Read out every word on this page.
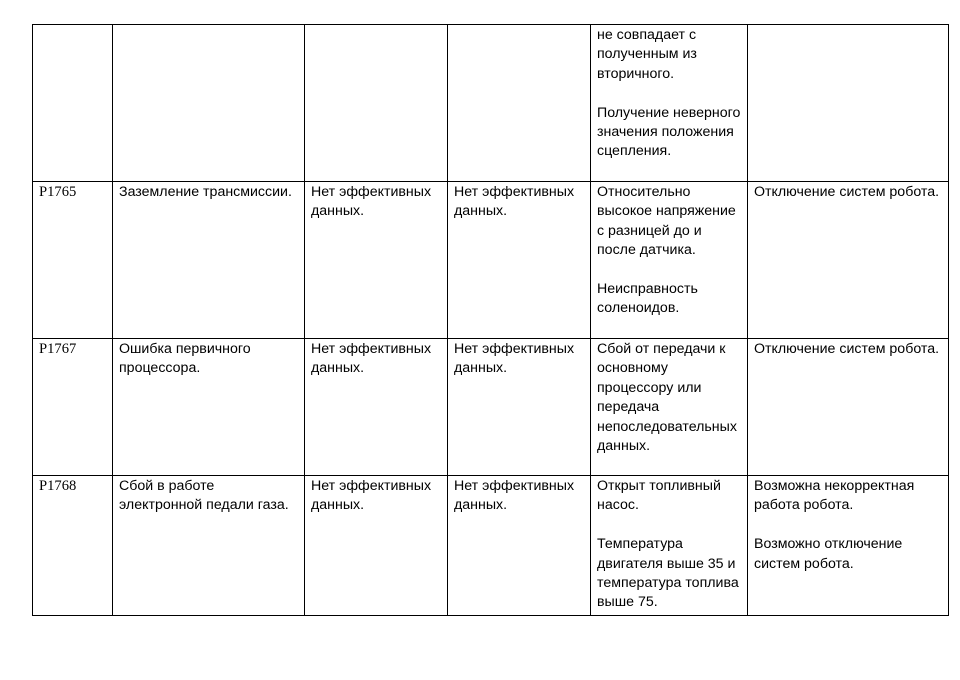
				не совпадает с полученным из вторичного.
Получение неверного значения положения сцепления.	

P1765	Заземление трансмиссии.	Нет эффективных данных.	Нет эффективных данных.	Относительно высокое напряжение с разницей до и после датчика.
Неисправность соленоидов.	Отключение систем робота.

P1767	Ошибка первичного процессора.	Нет эффективных данных.	Нет эффективных данных.	Сбой от передачи к основному процессору или передача непоследовательных данных.	Отключение систем робота.

P1768	Сбой в работе электронной педали газа.	Нет эффективных данных.	Нет эффективных данных.	Открыт топливный насос.
Температура двигателя выше 35 и температура топлива выше 75.	Возможна некорректная работа робота.
Возможно отключение систем робота.
